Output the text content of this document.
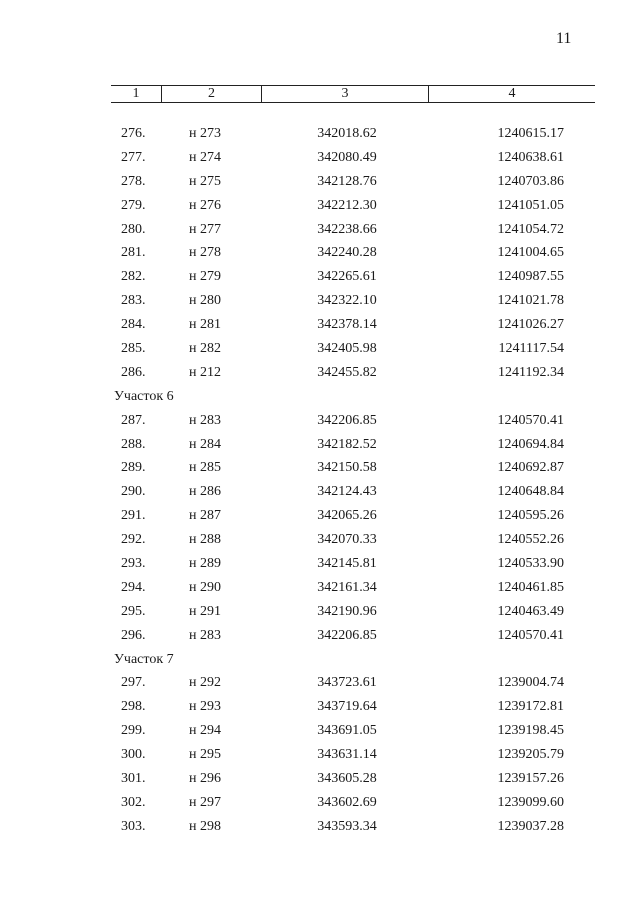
11
1	2	3	4
276.	н 273	342018.62	1240615.17
277.	н 274	342080.49	1240638.61
278.	н 275	342128.76	1240703.86
279.	н 276	342212.30	1241051.05
280.	н 277	342238.66	1241054.72
281.	н 278	342240.28	1241004.65
282.	н 279	342265.61	1240987.55
283.	н 280	342322.10	1241021.78
284.	н 281	342378.14	1241026.27
285.	н 282	342405.98	1241117.54
286.	н 212	342455.82	1241192.34
Участок 6
287.	н 283	342206.85	1240570.41
288.	н 284	342182.52	1240694.84
289.	н 285	342150.58	1240692.87
290.	н 286	342124.43	1240648.84
291.	н 287	342065.26	1240595.26
292.	н 288	342070.33	1240552.26
293.	н 289	342145.81	1240533.90
294.	н 290	342161.34	1240461.85
295.	н 291	342190.96	1240463.49
296.	н 283	342206.85	1240570.41
Участок 7
297.	н 292	343723.61	1239004.74
298.	н 293	343719.64	1239172.81
299.	н 294	343691.05	1239198.45
300.	н 295	343631.14	1239205.79
301.	н 296	343605.28	1239157.26
302.	н 297	343602.69	1239099.60
303.	н 298	343593.34	1239037.28
